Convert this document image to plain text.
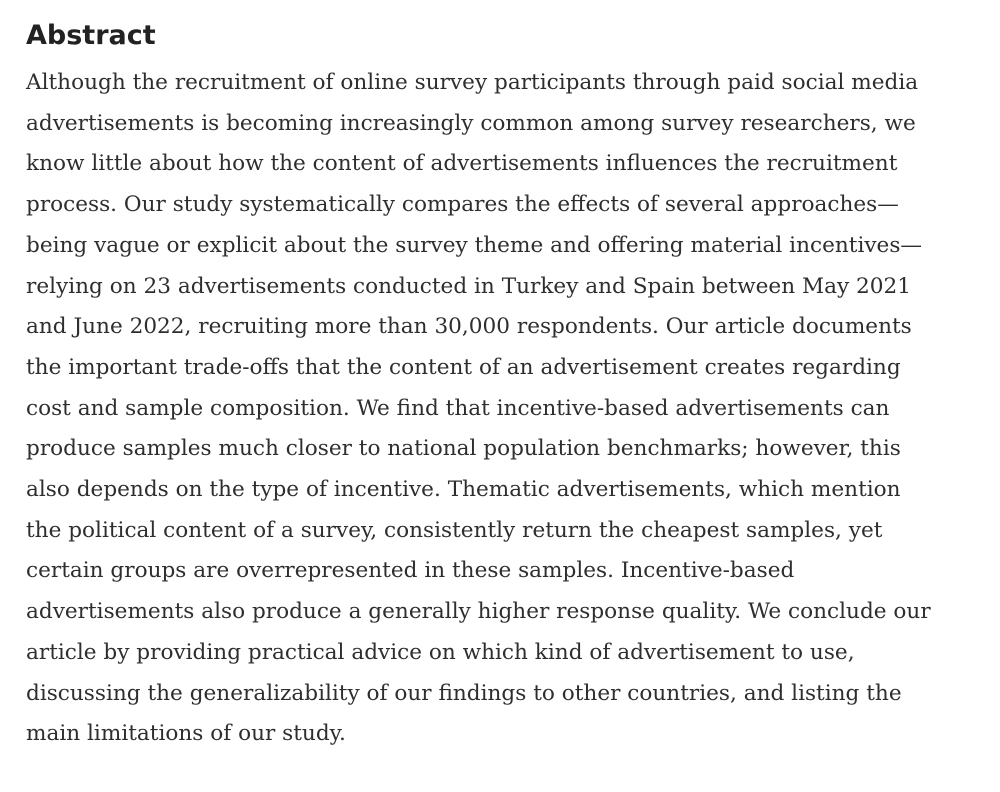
Abstract

Although the recruitment of online survey participants through paid social media
advertisements is becoming increasingly common among survey researchers, we
know little about how the content of advertisements influences the recruitment
process. Our study systematically compares the effects of several approaches—
being vague or explicit about the survey theme and offering material incentives—
relying on 23 advertisements conducted in Turkey and Spain between May 2021
and June 2022, recruiting more than 30,000 respondents. Our article documents
the important trade-offs that the content of an advertisement creates regarding
cost and sample composition. We find that incentive-based advertisements can
produce samples much closer to national population benchmarks; however, this
also depends on the type of incentive. Thematic advertisements, which mention
the political content of a survey, consistently return the cheapest samples, yet
certain groups are overrepresented in these samples. Incentive-based
advertisements also produce a generally higher response quality. We conclude our
article by providing practical advice on which kind of advertisement to use,
discussing the generalizability of our findings to other countries, and listing the
main limitations of our study.
